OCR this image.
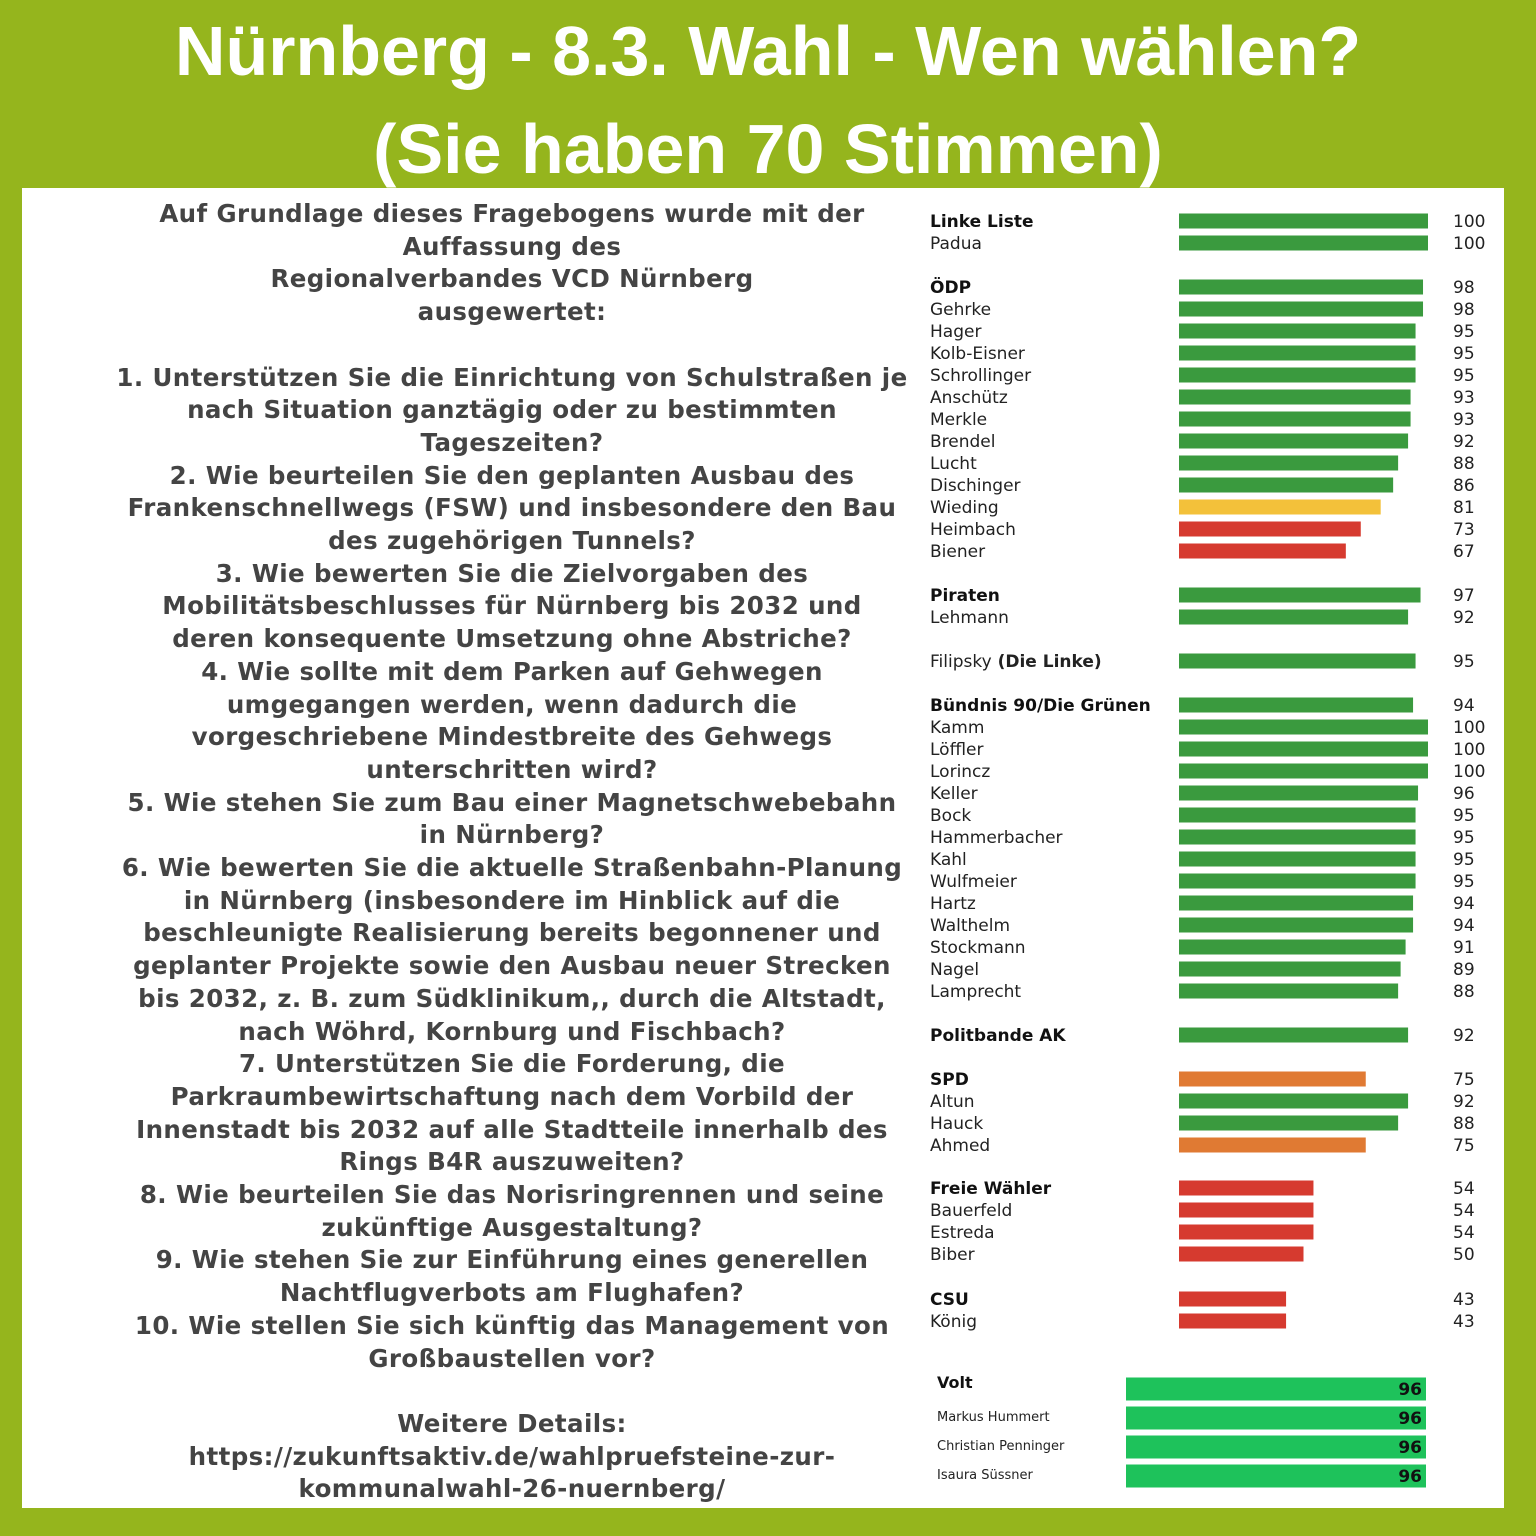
Nürnberg - 8.3. Wahl - Wen wählen?
(Sie haben 70 Stimmen)

Auf Grundlage dieses Fragebogens wurde mit der

Auffassung des

Regionalverbandes VCD Nürnberg

ausgewertet:

1. Unterstützen Sie die Einrichtung von Schulstraßen je

nach Situation ganztägig oder zu bestimmten

Tageszeiten?

2. Wie beurteilen Sie den geplanten Ausbau des

Frankenschnellwegs (FSW) und insbesondere den Bau

des zugehörigen Tunnels?

3. Wie bewerten Sie die Zielvorgaben des

Mobilitätsbeschlusses für Nürnberg bis 2032 und

deren konsequente Umsetzung ohne Abstriche?

4. Wie sollte mit dem Parken auf Gehwegen

umgegangen werden, wenn dadurch die

vorgeschriebene Mindestbreite des Gehwegs

unterschritten wird?

5. Wie stehen Sie zum Bau einer Magnetschwebebahn

in Nürnberg?

6. Wie bewerten Sie die aktuelle Straßenbahn-Planung

in Nürnberg (insbesondere im Hinblick auf die

beschleunigte Realisierung bereits begonnener und

geplanter Projekte sowie den Ausbau neuer Strecken

bis 2032, z. B. zum Südklinikum,, durch die Altstadt,

nach Wöhrd, Kornburg und Fischbach?

7. Unterstützen Sie die Forderung, die

Parkraumbewirtschaftung nach dem Vorbild der

Innenstadt bis 2032 auf alle Stadtteile innerhalb des

Rings B4R auszuweiten?

8. Wie beurteilen Sie das Norisringrennen und seine

zukünftige Ausgestaltung?

9. Wie stehen Sie zur Einführung eines generellen

Nachtflugverbots am Flughafen?

10. Wie stellen Sie sich künftig das Management von

Großbaustellen vor?

Weitere Details:

https://zukunftsaktiv.de/wahlpruefsteine-zur-

kommunalwahl-26-nuernberg/

Linke Liste	100
Padua	100
ÖDP	98
Gehrke	98
Hager	95
Kolb-Eisner	95
Schrollinger	95
Anschütz	93
Merkle	93
Brendel	92
Lucht	88
Dischinger	86
Wieding	81
Heimbach	73
Biener	67
Piraten	97
Lehmann	92
Filipsky (Die Linke)	95
Bündnis 90/Die Grünen	94
Kamm	100
Löffler	100
Lorincz	100
Keller	96
Bock	95
Hammerbacher	95
Kahl	95
Wulfmeier	95
Hartz	94
Walthelm	94
Stockmann	91
Nagel	89
Lamprecht	88
Politbande AK	92
SPD	75
Altun	92
Hauck	88
Ahmed	75
Freie Wähler	54
Bauerfeld	54
Estreda	54
Biber	50
CSU	43
König	43
Volt	96
Markus Hummert	96
Christian Penninger	96
Isaura Süssner	96
